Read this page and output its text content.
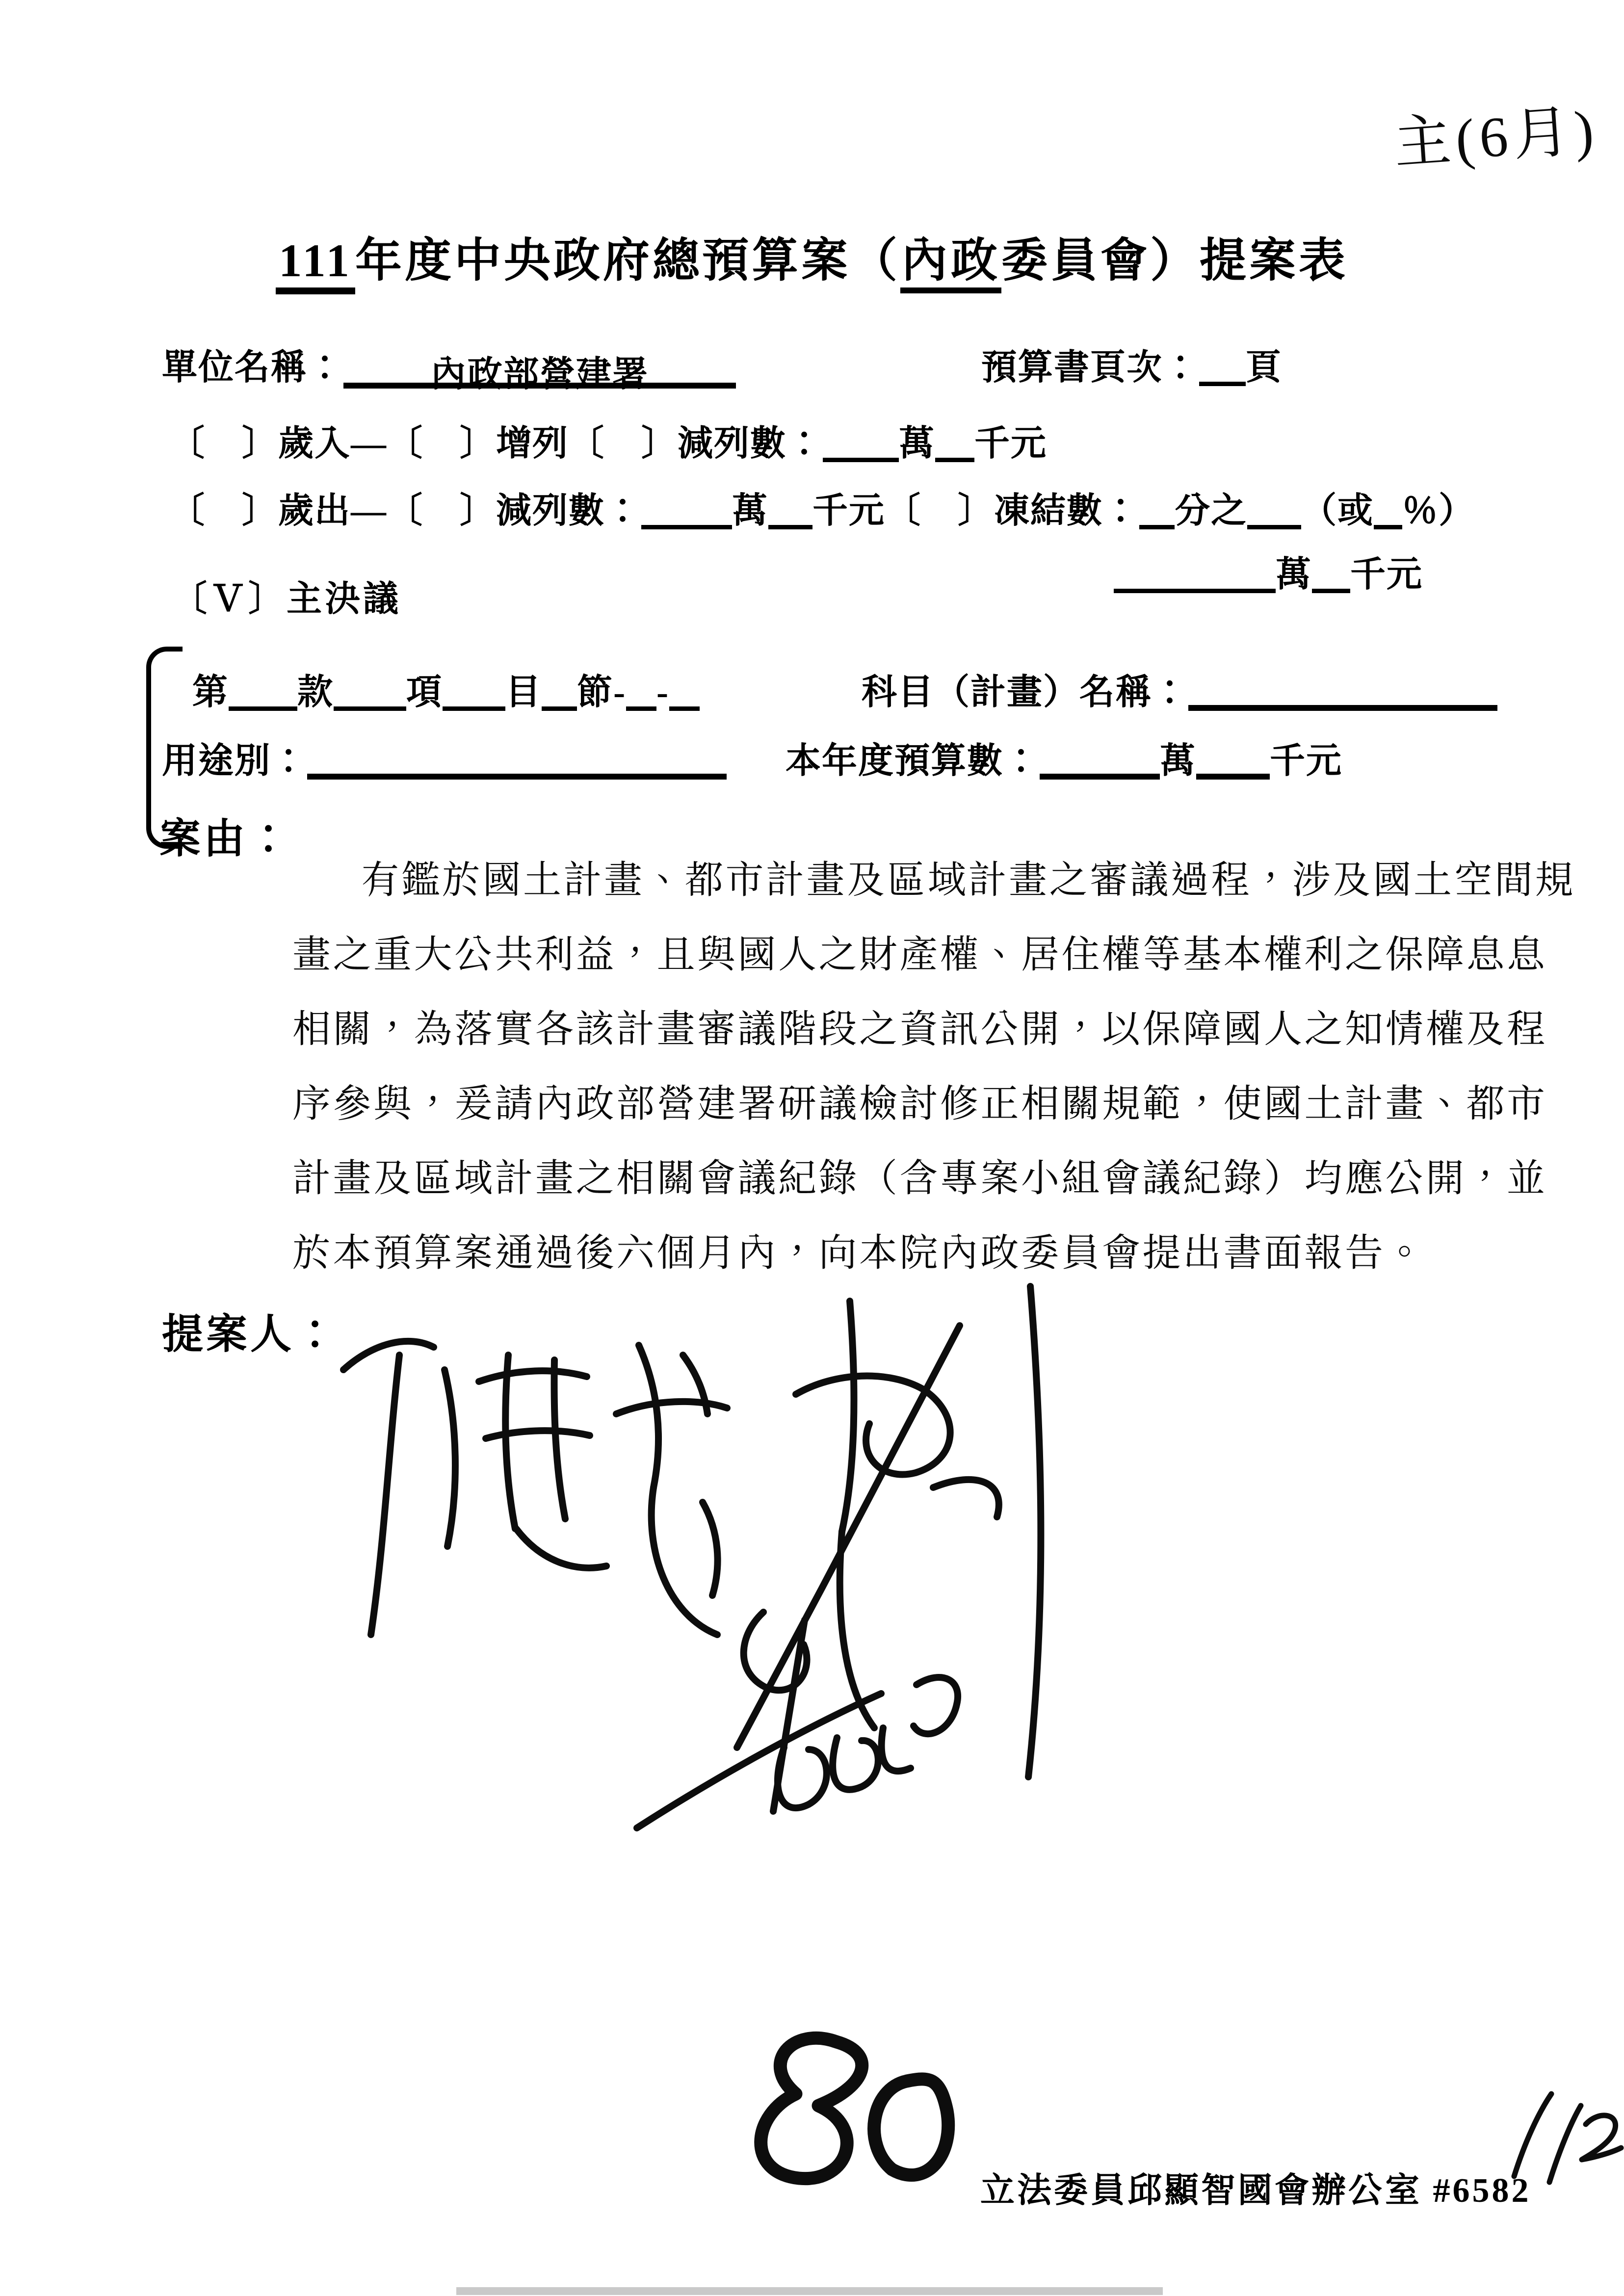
主(6月)
111年度中央政府總預算案（內政委員會）提案表
單位名稱： 內政部營建署	預算書頁次： 頁
〔　〕歲入—〔　〕增列〔　〕減列數： 萬 千元
〔　〕歲出—〔　〕減列數：	萬 千元〔　〕凍結數： 分之 （或 ％）
萬 千元
〔Ｖ〕主決議
第 款 項 目 節- -	科目（計畫）名稱：
用途別：	本年度預算數：	萬 千元
案由：
有鑑於國土計畫、都市計畫及區域計畫之審議過程，涉及國土空間規
畫之重大公共利益，且與國人之財產權、居住權等基本權利之保障息息
相關，為落實各該計畫審議階段之資訊公開，以保障國人之知情權及程
序參與，爰請內政部營建署研議檢討修正相關規範，使國土計畫、都市
計畫及區域計畫之相關會議紀錄（含專案小組會議紀錄）均應公開，並
於本預算案通過後六個月內，向本院內政委員會提出書面報告。
提案人：
立法委員邱顯智國會辦公室 #6582
